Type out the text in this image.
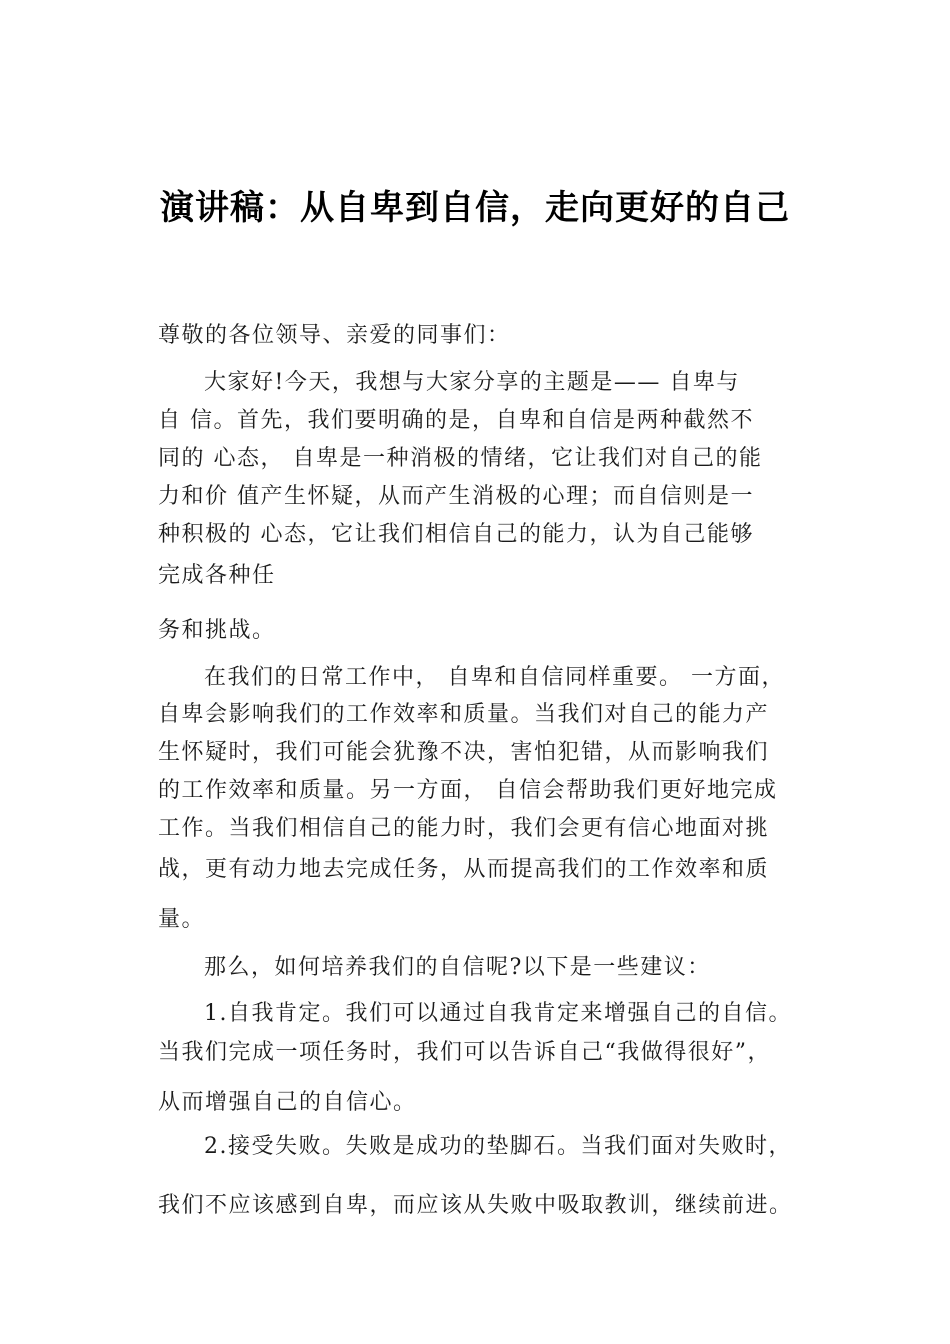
演讲稿：从自卑到自信，走向更好的自己
尊敬的各位领导、亲爱的同事们：
大家好!今天，我想与大家分享的主题是—— 自卑与
自 信。首先，我们要明确的是，自卑和自信是两种截然不
同的 心态， 自卑是一种消极的情绪，它让我们对自己的能
力和价 值产生怀疑，从而产生消极的心理；而自信则是一
种积极的 心态，它让我们相信自己的能力，认为自己能够
完成各种任
务和挑战。
在我们的日常工作中， 自卑和自信同样重要。 一方面，
自卑会影响我们的工作效率和质量。当我们对自己的能力产
生怀疑时，我们可能会犹豫不决，害怕犯错，从而影响我们
的工作效率和质量。另一方面， 自信会帮助我们更好地完成
工作。当我们相信自己的能力时，我们会更有信心地面对挑
战，更有动力地去完成任务，从而提高我们的工作效率和质
量。
那么，如何培养我们的自信呢?以下是一些建议：
1.自我肯定。我们可以通过自我肯定来增强自己的自信。
当我们完成一项任务时，我们可以告诉自己“我做得很好”，
从而增强自己的自信心。
2.接受失败。失败是成功的垫脚石。当我们面对失败时，
我们不应该感到自卑，而应该从失败中吸取教训，继续前进。
